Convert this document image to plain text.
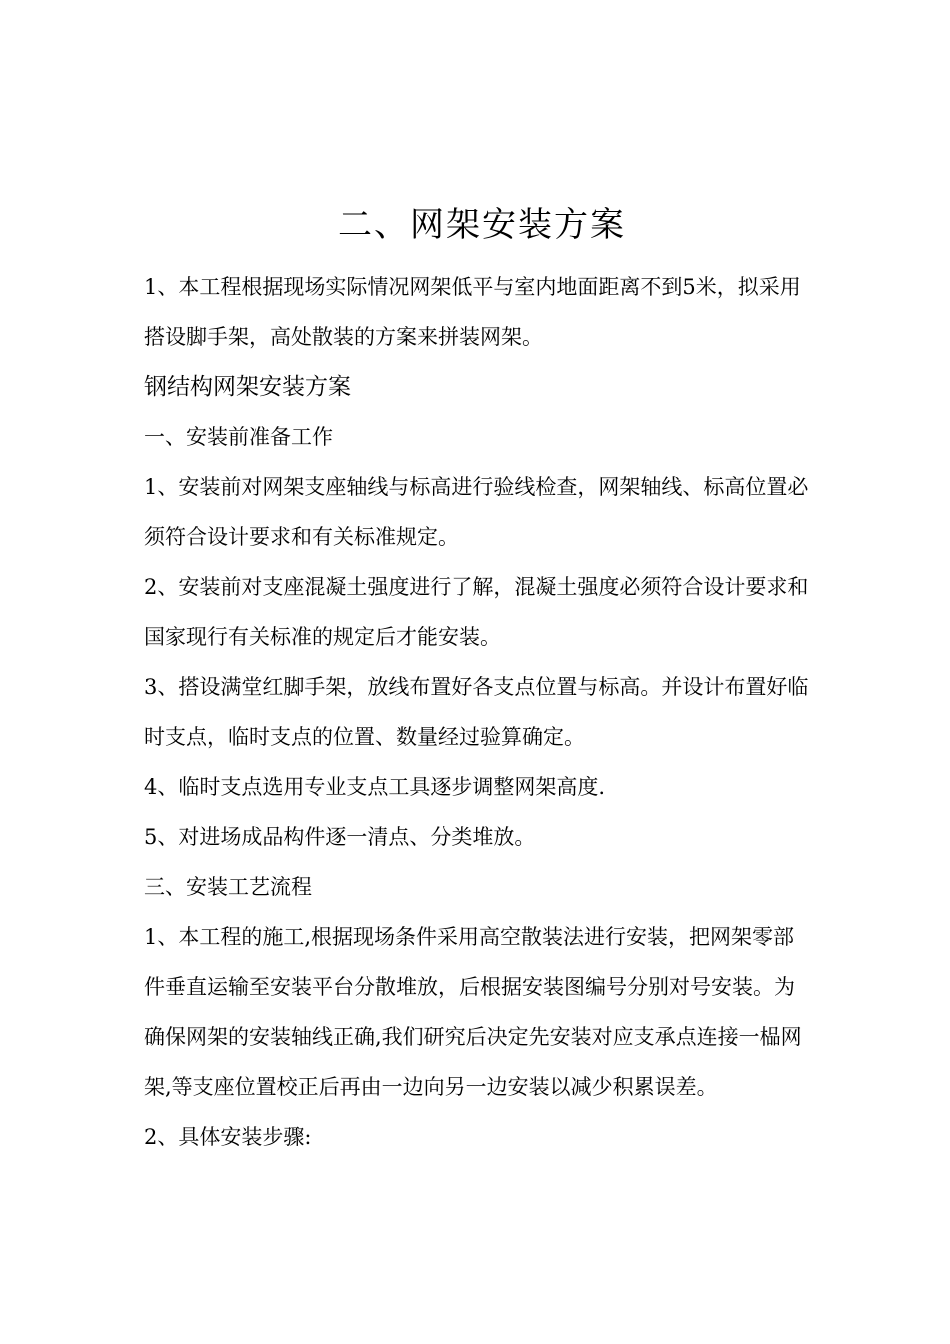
二、网架安装方案

1、本工程根据现场实际情况网架低平与室内地面距离不到5米，拟采用搭设脚手架，高处散装的方案来拼装网架。

钢结构网架安装方案

一、安装前准备工作

1、安装前对网架支座轴线与标高进行验线检查，网架轴线、标高位置必须符合设计要求和有关标准规定。

2、安装前对支座混凝土强度进行了解，混凝土强度必须符合设计要求和国家现行有关标准的规定后才能安装。

3、搭设满堂红脚手架，放线布置好各支点位置与标高。并设计布置好临时支点，临时支点的位置、数量经过验算确定。

4、临时支点选用专业支点工具逐步调整网架高度.

5、对进场成品构件逐一清点、分类堆放。

三、安装工艺流程

1、本工程的施工,根据现场条件采用高空散装法进行安装，把网架零部件垂直运输至安装平台分散堆放，后根据安装图编号分别对号安装。为确保网架的安装轴线正确,我们研究后决定先安装对应支承点连接一榀网架,等支座位置校正后再由一边向另一边安装以减少积累误差。

2、具体安装步骤:
